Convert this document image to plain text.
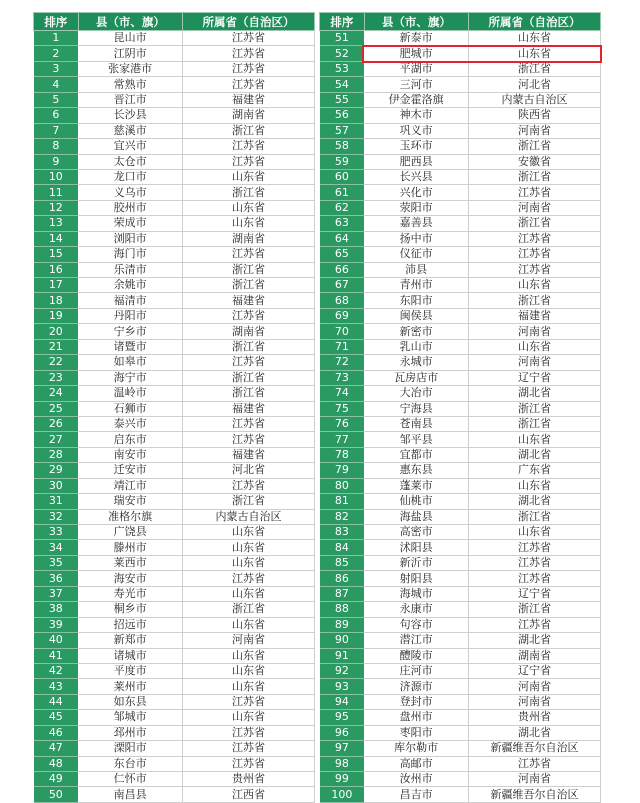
排序	县（市、旗）	所属省（自治区）		排序	县（市、旗）	所属省（自治区）
1	昆山市	江苏省		51	新泰市	山东省
2	江阴市	江苏省		52	肥城市	山东省
3	张家港市	江苏省		53	平湖市	浙江省
4	常熟市	江苏省		54	三河市	河北省
5	晋江市	福建省		55	伊金霍洛旗	内蒙古自治区
6	长沙县	湖南省		56	神木市	陕西省
7	慈溪市	浙江省		57	巩义市	河南省
8	宜兴市	江苏省		58	玉环市	浙江省
9	太仓市	江苏省		59	肥西县	安徽省
10	龙口市	山东省		60	长兴县	浙江省
11	义乌市	浙江省		61	兴化市	江苏省
12	胶州市	山东省		62	荥阳市	河南省
13	荣成市	山东省		63	嘉善县	浙江省
14	浏阳市	湖南省		64	扬中市	江苏省
15	海门市	江苏省		65	仪征市	江苏省
16	乐清市	浙江省		66	沛县	江苏省
17	余姚市	浙江省		67	青州市	山东省
18	福清市	福建省		68	东阳市	浙江省
19	丹阳市	江苏省		69	闽侯县	福建省
20	宁乡市	湖南省		70	新密市	河南省
21	诸暨市	浙江省		71	乳山市	山东省
22	如皋市	江苏省		72	永城市	河南省
23	海宁市	浙江省		73	瓦房店市	辽宁省
24	温岭市	浙江省		74	大冶市	湖北省
25	石狮市	福建省		75	宁海县	浙江省
26	泰兴市	江苏省		76	苍南县	浙江省
27	启东市	江苏省		77	邹平县	山东省
28	南安市	福建省		78	宜都市	湖北省
29	迁安市	河北省		79	惠东县	广东省
30	靖江市	江苏省		80	蓬莱市	山东省
31	瑞安市	浙江省		81	仙桃市	湖北省
32	准格尔旗	内蒙古自治区		82	海盐县	浙江省
33	广饶县	山东省		83	高密市	山东省
34	滕州市	山东省		84	沭阳县	江苏省
35	莱西市	山东省		85	新沂市	江苏省
36	海安市	江苏省		86	射阳县	江苏省
37	寿光市	山东省		87	海城市	辽宁省
38	桐乡市	浙江省		88	永康市	浙江省
39	招远市	山东省		89	句容市	江苏省
40	新郑市	河南省		90	潜江市	湖北省
41	诸城市	山东省		91	醴陵市	湖南省
42	平度市	山东省		92	庄河市	辽宁省
43	莱州市	山东省		93	济源市	河南省
44	如东县	江苏省		94	登封市	河南省
45	邹城市	山东省		95	盘州市	贵州省
46	邳州市	江苏省		96	枣阳市	湖北省
47	溧阳市	江苏省		97	库尔勒市	新疆维吾尔自治区
48	东台市	江苏省		98	高邮市	江苏省
49	仁怀市	贵州省		99	汝州市	河南省
50	南昌县	江西省		100	昌吉市	新疆维吾尔自治区
